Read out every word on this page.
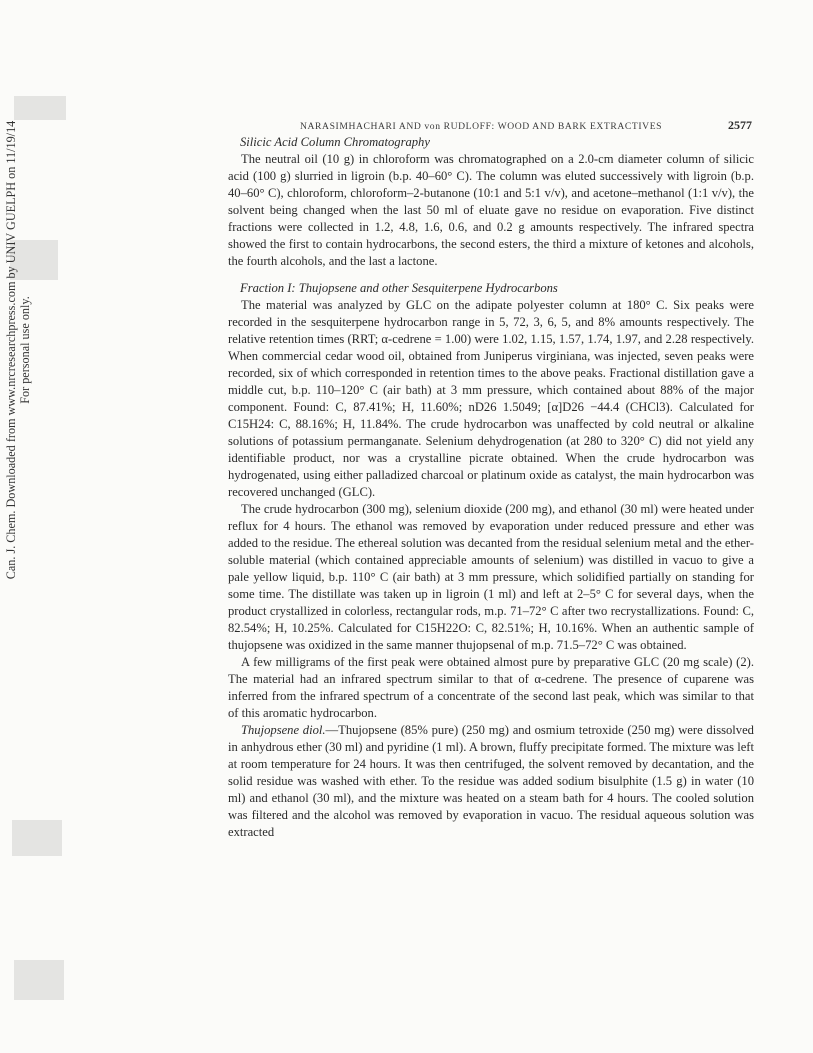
Can. J. Chem. Downloaded from www.nrcresearchpress.com by UNIV GUELPH on 11/19/14 For personal use only.
NARASIMHACHARI AND von RUDLOFF: WOOD AND BARK EXTRACTIVES	2577
Silicic Acid Column Chromatography

The neutral oil (10 g) in chloroform was chromatographed on a 2.0-cm diameter column of silicic acid (100 g) slurried in ligroin (b.p. 40–60° C). The column was eluted successively with ligroin (b.p. 40–60° C), chloroform, chloroform–2-butanone (10:1 and 5:1 v/v), and acetone–methanol (1:1 v/v), the solvent being changed when the last 50 ml of eluate gave no residue on evaporation. Five distinct fractions were collected in 1.2, 4.8, 1.6, 0.6, and 0.2 g amounts respectively. The infrared spectra showed the first to contain hydrocarbons, the second esters, the third a mixture of ketones and alcohols, the fourth alcohols, and the last a lactone.

Fraction I: Thujopsene and other Sesquiterpene Hydrocarbons

The material was analyzed by GLC on the adipate polyester column at 180° C. Six peaks were recorded in the sesquiterpene hydrocarbon range in 5, 72, 3, 6, 5, and 8% amounts respectively. The relative retention times (RRT; α-cedrene = 1.00) were 1.02, 1.15, 1.57, 1.74, 1.97, and 2.28 respectively. When commercial cedar wood oil, obtained from Juniperus virginiana, was injected, seven peaks were recorded, six of which corresponded in retention times to the above peaks. Fractional distillation gave a middle cut, b.p. 110–120° C (air bath) at 3 mm pressure, which contained about 88% of the major component. Found: C, 87.41%; H, 11.60%; nD26 1.5049; [α]D26 −44.4 (CHCl3). Calculated for C15H24: C, 88.16%; H, 11.84%. The crude hydrocarbon was unaffected by cold neutral or alkaline solutions of potassium permanganate. Selenium dehydrogenation (at 280 to 320° C) did not yield any identifiable product, nor was a crystalline picrate obtained. When the crude hydrocarbon was hydrogenated, using either palladized charcoal or platinum oxide as catalyst, the main hydrocarbon was recovered unchanged (GLC).

The crude hydrocarbon (300 mg), selenium dioxide (200 mg), and ethanol (30 ml) were heated under reflux for 4 hours. The ethanol was removed by evaporation under reduced pressure and ether was added to the residue. The ethereal solution was decanted from the residual selenium metal and the ether-soluble material (which contained appreciable amounts of selenium) was distilled in vacuo to give a pale yellow liquid, b.p. 110° C (air bath) at 3 mm pressure, which solidified partially on standing for some time. The distillate was taken up in ligroin (1 ml) and left at 2–5° C for several days, when the product crystallized in colorless, rectangular rods, m.p. 71–72° C after two recrystallizations. Found: C, 82.54%; H, 10.25%. Calculated for C15H22O: C, 82.51%; H, 10.16%. When an authentic sample of thujopsene was oxidized in the same manner thujopsenal of m.p. 71.5–72° C was obtained.

A few milligrams of the first peak were obtained almost pure by preparative GLC (20 mg scale) (2). The material had an infrared spectrum similar to that of α-cedrene. The presence of cuparene was inferred from the infrared spectrum of a concentrate of the second last peak, which was similar to that of this aromatic hydrocarbon.

Thujopsene diol.—Thujopsene (85% pure) (250 mg) and osmium tetroxide (250 mg) were dissolved in anhydrous ether (30 ml) and pyridine (1 ml). A brown, fluffy precipitate formed. The mixture was left at room temperature for 24 hours. It was then centrifuged, the solvent removed by decantation, and the solid residue was washed with ether. To the residue was added sodium bisulphite (1.5 g) in water (10 ml) and ethanol (30 ml), and the mixture was heated on a steam bath for 4 hours. The cooled solution was filtered and the alcohol was removed by evaporation in vacuo. The residual aqueous solution was extracted
